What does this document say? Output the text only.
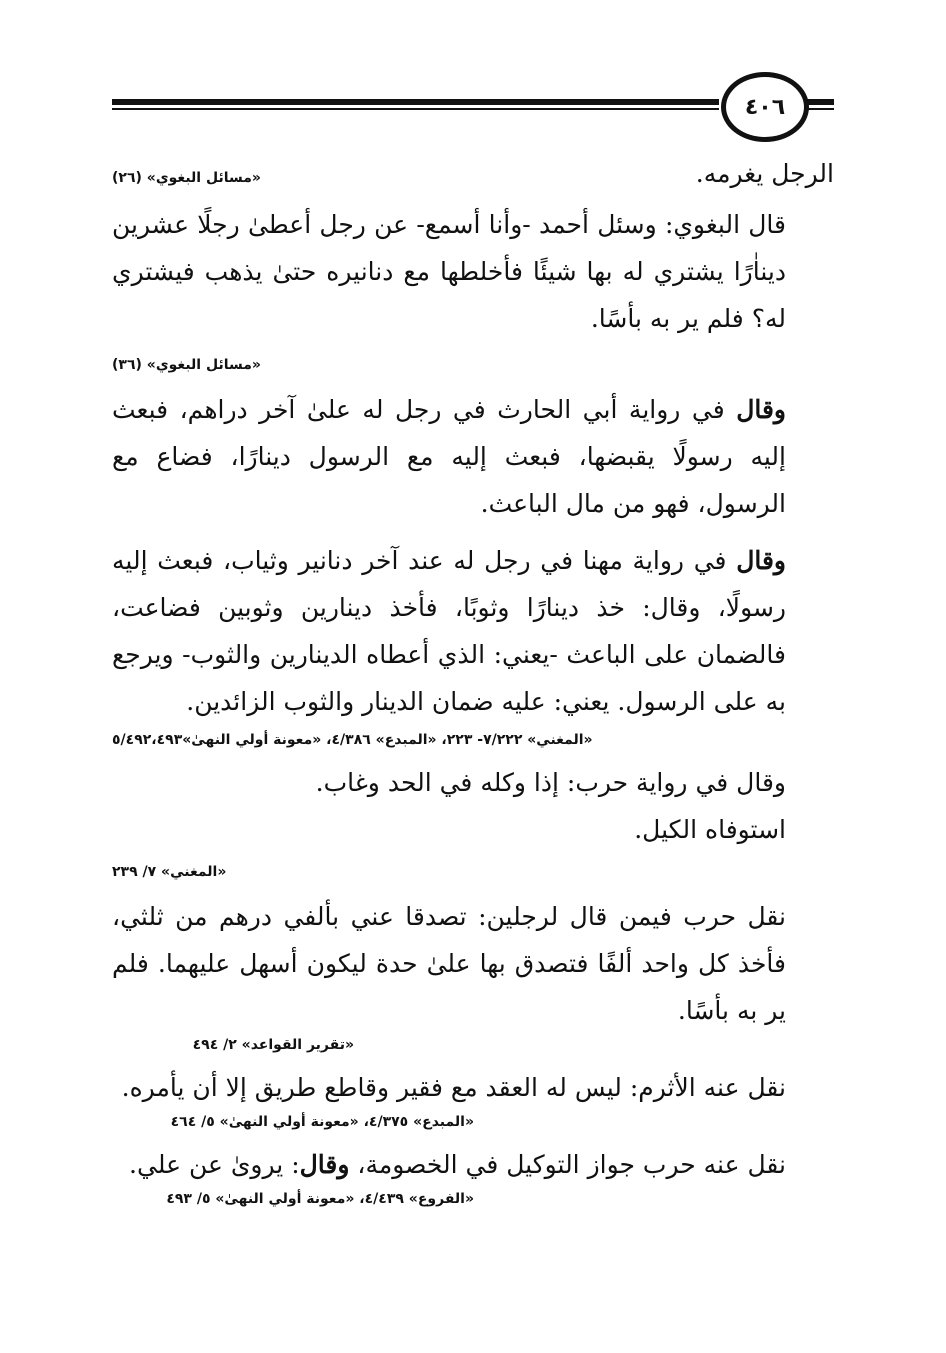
٤٠٦

الرجل يغرمه.

«مسائل البغوي» (٢٦)

قال البغوي: وسئل أحمد -وأنا أسمع- عن رجل أعطىٰ رجلًا عشرين ديناٰرًا يشتري له بها شيئًا فأخلطها مع دنانيره حتىٰ يذهب فيشتري له؟ فلم ير به بأسًا.

«مسائل البغوي» (٣٦)

وقال في رواية أبي الحارث في رجل له علىٰ آخر دراهم، فبعث إليه رسولًا يقبضها، فبعث إليه مع الرسول دينارًا، فضاع مع الرسول، فهو من مال الباعث.

وقال في رواية مهنا في رجل له عند آخر دنانير وثياب، فبعث إليه رسولًا، وقال: خذ دينارًا وثوبًا، فأخذ دينارين وثوبين فضاعت، فالضمان على الباعث -يعني: الذي أعطاه الدينارين والثوب- ويرجع به على الرسول. يعني: عليه ضمان الدينار والثوب الزائدين.

«المغني» ٧/٢٢٢- ٢٢٣، «المبدع» ٤/٣٨٦، «معونة أولي النهىٰ»٥/٤٩٢،٤٩٣

وقال في رواية حرب: إذا وكله في الحد وغاب.

استوفاه الكيل.

«المغني» ٧/ ٢٣٩

نقل حرب فيمن قال لرجلين: تصدقا عني بألفي درهم من ثلثي، فأخذ كل واحد ألفًا فتصدق بها علىٰ حدة ليكون أسهل عليهما. فلم ير به بأسًا.

«تقرير القواعد» ٢/ ٤٩٤

نقل عنه الأثرم: ليس له العقد مع فقير وقاطع طريق إلا أن يأمره.

«المبدع» ٤/٣٧٥، «معونة أولي النهىٰ» ٥/ ٤٦٤

نقل عنه حرب جواز التوكيل في الخصومة، وقال: يروىٰ عن علي.

«الفروع» ٤/٤٣٩، «معونة أولي النهىٰ» ٥/ ٤٩٣
